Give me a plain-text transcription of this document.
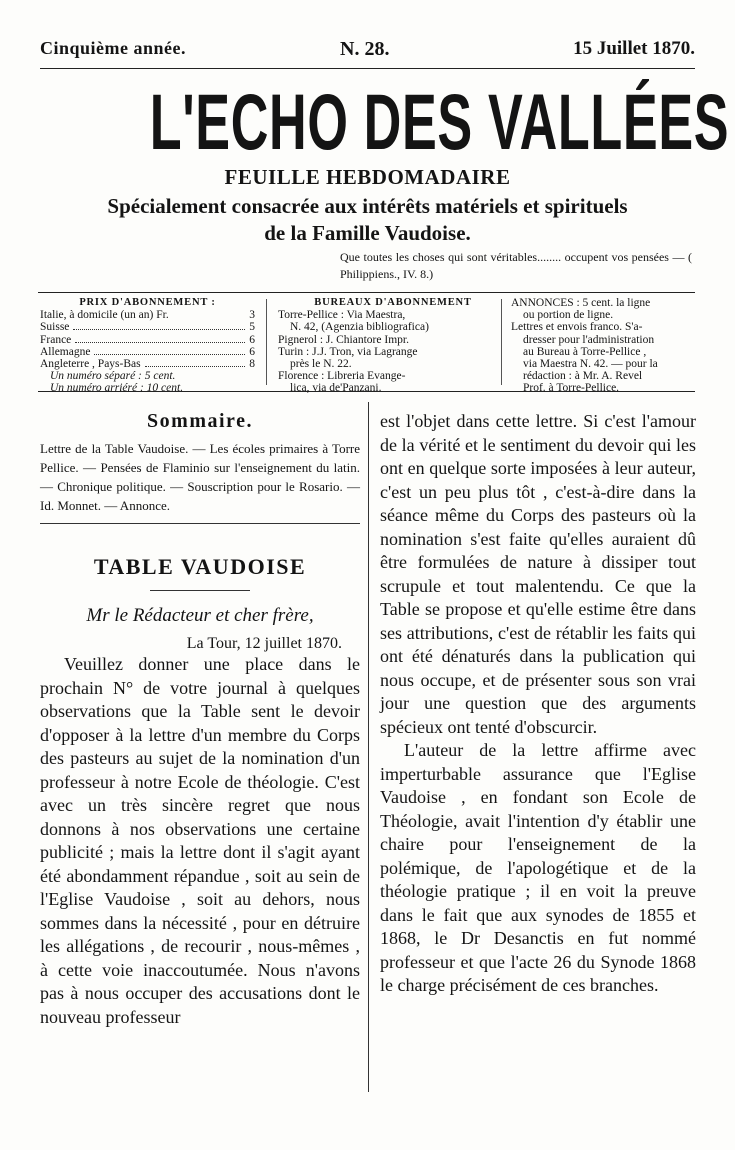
Cinquième année.	N. 28.	15 Juillet 1870.
L'ECHO DES VALLÉES
FEUILLE HEBDOMADAIRE
Spécialement consacrée aux intérêts matériels et spirituels
de la Famille Vaudoise.
Que toutes les choses qui sont véritables........ occupent vos pensées — ( Philippiens., IV. 8.)
PRIX D'ABONNEMENT :
Italie, à domicile (un an) Fr.	3
Suisse	5
France	6
Allemagne	6
Angleterre , Pays-Bas	8
Un numéro séparé : 5 cent.
Un numéro arriéré : 10 cent.
BUREAUX D'ABONNEMENT
Torre-Pellice : Via Maestra,
N. 42, (Agenzia bibliografica)
Pignerol : J. Chiantore Impr.
Turin : J.J. Tron, via Lagrange
près le N. 22.
Florence : Libreria Evange-
lica, via de'Panzani.
ANNONCES : 5 cent. la ligne
ou portion de ligne.
Lettres et envois franco. S'a-
dresser pour l'administration
au Bureau à Torre-Pellice ,
via Maestra N. 42. — pour la
rédaction : à Mr. A. Revel
Prof. à Torre-Pellice.
Sommaire.
Lettre de la Table Vaudoise. — Les écoles primaires à Torre Pellice. — Pensées de Flaminio sur l'enseignement du latin. — Chronique politique. — Souscription pour le Rosario. — Id. Monnet. — Annonce.
TABLE VAUDOISE
Mr le Rédacteur et cher frère,
La Tour, 12 juillet 1870.

Veuillez donner une place dans le prochain N° de votre journal à quelques observations que la Table sent le devoir d'opposer à la lettre d'un membre du Corps des pasteurs au sujet de la nomination d'un professeur à notre Ecole de théologie. C'est avec un très sincère regret que nous donnons à nos observations une certaine publicité ; mais la lettre dont il s'agit ayant été abondamment répandue , soit au sein de l'Eglise Vaudoise , soit au dehors, nous sommes dans la nécessité , pour en détruire les allégations , de recourir , nous-mêmes , à cette voie inaccoutumée. Nous n'avons pas à nous occuper des accusations dont le nouveau professeur

est l'objet dans cette lettre. Si c'est l'amour de la vérité et le sentiment du devoir qui les ont en quelque sorte imposées à leur auteur, c'est un peu plus tôt , c'est-à-dire dans la séance même du Corps des pasteurs où la nomination s'est faite qu'elles auraient dû être formulées de nature à dissiper tout scrupule et tout malentendu. Ce que la Table se propose et qu'elle estime être dans ses attributions, c'est de rétablir les faits qui ont été dénaturés dans la publication qui nous occupe, et de présenter sous son vrai jour une question que des arguments spécieux ont tenté d'obscurcir.

L'auteur de la lettre affirme avec imperturbable assurance que l'Eglise Vaudoise , en fondant son Ecole de Théologie, avait l'intention d'y établir une chaire pour l'enseignement de la polémique, de l'apologétique et de la théologie pratique ; il en voit la preuve dans le fait que aux synodes de 1855 et 1868, le Dr Desanctis en fut nommé professeur et que l'acte 26 du Synode 1868 le charge précisément de ces branches.
